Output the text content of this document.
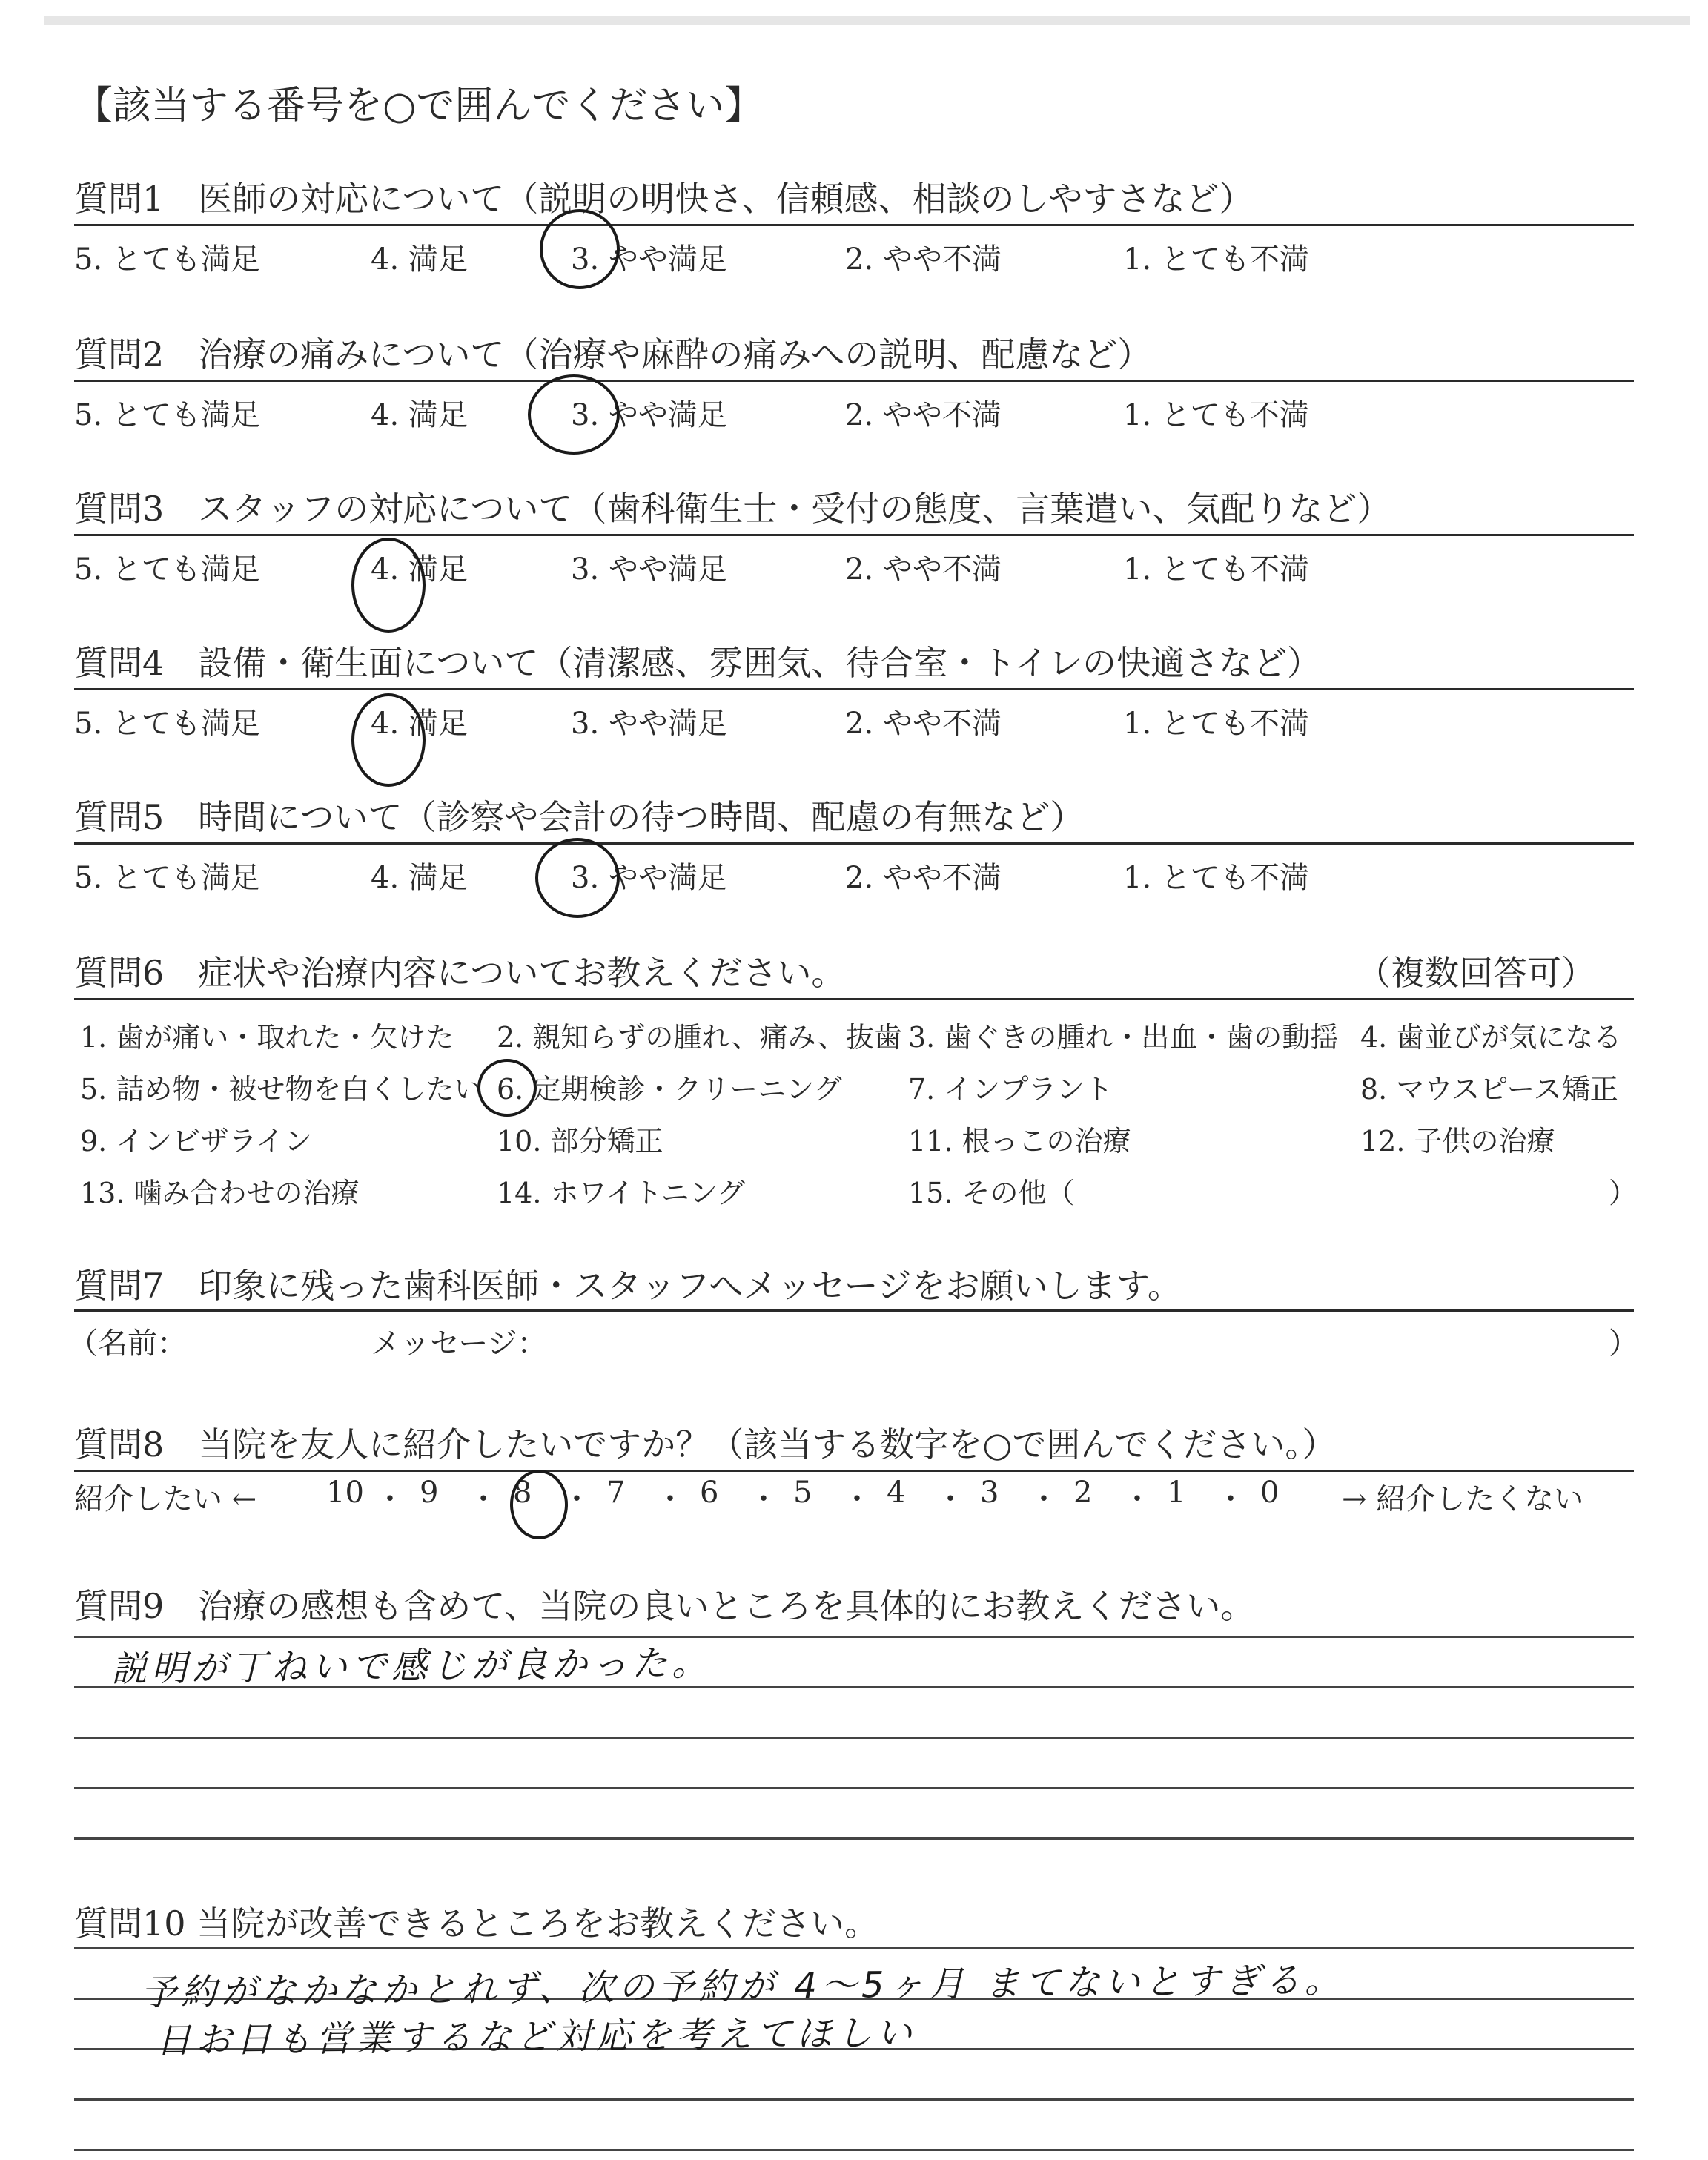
【該当する番号を○で囲んでください】
質問1　医師の対応について（説明の明快さ、信頼感、相談のしやすさなど）
5. とても満足	4. 満足	3. やや満足	2. やや不満	1. とても不満
質問2　治療の痛みについて（治療や麻酔の痛みへの説明、配慮など）
5. とても満足	4. 満足	3. やや満足	2. やや不満	1. とても不満
質問3　スタッフの対応について（歯科衛生士・受付の態度、言葉遣い、気配りなど）
5. とても満足	4. 満足	3. やや満足	2. やや不満	1. とても不満
質問4　設備・衛生面について（清潔感、雰囲気、待合室・トイレの快適さなど）
5. とても満足	4. 満足	3. やや満足	2. やや不満	1. とても不満
質問5　時間について（診察や会計の待つ時間、配慮の有無など）
5. とても満足	4. 満足	3. やや満足	2. やや不満	1. とても不満
質問6　症状や治療内容についてお教えください。	（複数回答可）
1. 歯が痛い・取れた・欠けた 2. 親知らずの腫れ、痛み、抜歯 3. 歯ぐきの腫れ・出血・歯の動揺 4. 歯並びが気になる
5. 詰め物・被せ物を白くしたい 6. 定期検診・クリーニング 7. インプラント	8. マウスピース矯正
9. インビザライン	10. 部分矯正	11. 根っこの治療	12. 子供の治療
13. 噛み合わせの治療	14. ホワイトニング	15. その他（	）
質問7　印象に残った歯科医師・スタッフへメッセージをお願いします。
（名前：	メッセージ：	）
質問8　当院を友人に紹介したいですか？（該当する数字を○で囲んでください。）
紹介したい ←	→ 紹介したくない
10 ・ 9 ・ 8 ・ 7 ・ 6 ・ 5 ・ 4 ・ 3 ・ 2 ・ 1 ・ 0
質問9　治療の感想も含めて、当院の良いところを具体的にお教えください。
説明が丁ねいで感じが良かった。
質問10 当院が改善できるところをお教えください。
予約がなかなかとれず、次の予約が 4～5ヶ月 まてないとすぎる。
日お日も営業するなど対応を考えてほしい
